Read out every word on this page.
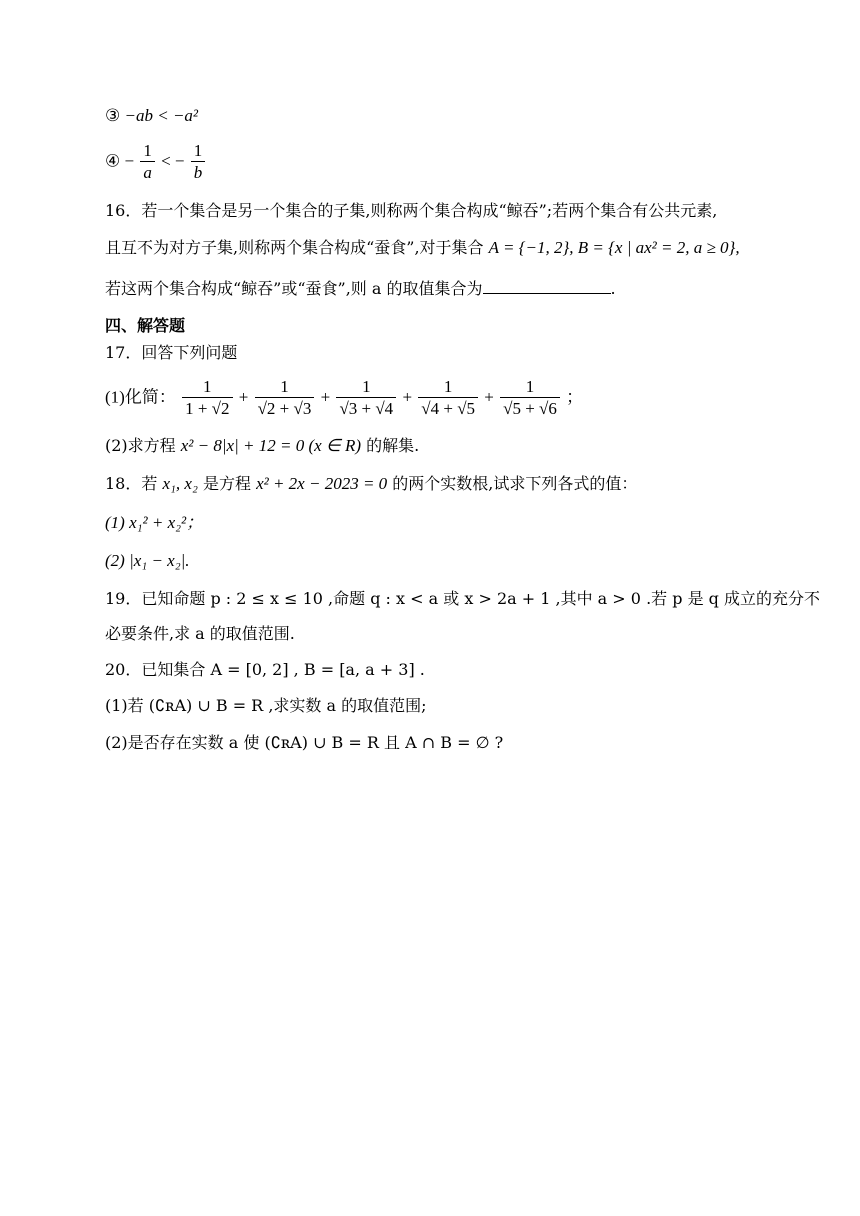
③ −ab < −a²
④ − $\frac{1}{a}$ < − $\frac{1}{b}$
16．若一个集合是另一个集合的子集,则称两个集合构成“鲸吞”;若两个集合有公共元素,
且互不为对方子集,则称两个集合构成“蚕食”,对于集合 A = {−1, 2}, B = {x | ax² = 2, a ≥ 0},
若这两个集合构成“鲸吞”或“蚕食”,则 a 的取值集合为	.
四、解答题
17．回答下列问题
(1)化简： $\frac{1}{1 + √2} + \frac{1}{√2 + √3} + \frac{1}{√3 + √4} + \frac{1}{√4 + √5} + \frac{1}{√5 + √6}$ ；
(2)求方程 x² − 8|x| + 12 = 0 (x ∈ R) 的解集.
18．若 x₁, x₂ 是方程 x² + 2x − 2023 = 0 的两个实数根,试求下列各式的值：
(1) x₁² + x₂²；
(2) |x₁ − x₂|.
19．已知命题 p : 2 ≤ x ≤ 10 ,命题 q : x < a 或 x > 2a + 1 ,其中 a > 0 .若 p 是 q 成立的充分不
必要条件,求 a 的取值范围.
20．已知集合 A = [0, 2] , B = [a, a + 3] .
(1)若 (∁ʀA) ∪ B = R ,求实数 a 的取值范围;
(2)是否存在实数 a 使 (∁ʀA) ∪ B = R 且 A ∩ B = ∅ ?
